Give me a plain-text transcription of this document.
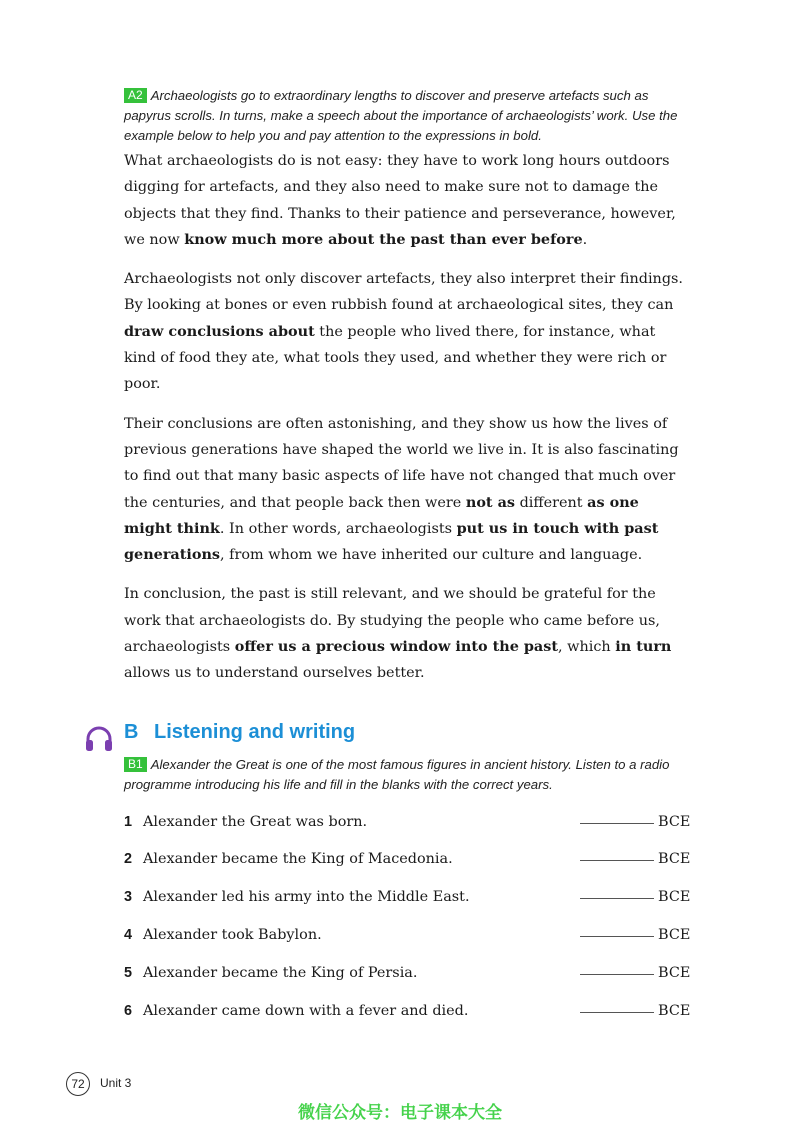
A2 Archaeologists go to extraordinary lengths to discover and preserve artefacts such as papyrus scrolls. In turns, make a speech about the importance of archaeologists’ work. Use the example below to help you and pay attention to the expressions in bold.

What archaeologists do is not easy: they have to work long hours outdoors digging for artefacts, and they also need to make sure not to damage the objects that they find. Thanks to their patience and perseverance, however, we now know much more about the past than ever before.

Archaeologists not only discover artefacts, they also interpret their findings. By looking at bones or even rubbish found at archaeological sites, they can draw conclusions about the people who lived there, for instance, what kind of food they ate, what tools they used, and whether they were rich or poor.

Their conclusions are often astonishing, and they show us how the lives of previous generations have shaped the world we live in. It is also fascinating to find out that many basic aspects of life have not changed that much over the centuries, and that people back then were not as different as one might think. In other words, archaeologists put us in touch with past generations, from whom we have inherited our culture and language.

In conclusion, the past is still relevant, and we should be grateful for the work that archaeologists do. By studying the people who came before us, archaeologists offer us a precious window into the past, which in turn allows us to understand ourselves better.

B Listening and writing
B1 Alexander the Great is one of the most famous figures in ancient history. Listen to a radio programme introducing his life and fill in the blanks with the correct years.
1 Alexander the Great was born.	BCE
2 Alexander became the King of Macedonia.	BCE
3 Alexander led his army into the Middle East.	BCE
4 Alexander took Babylon.	BCE
5 Alexander became the King of Persia.	BCE
6 Alexander came down with a fever and died.	BCE
72 Unit 3
微信公众号：电子课本大全
